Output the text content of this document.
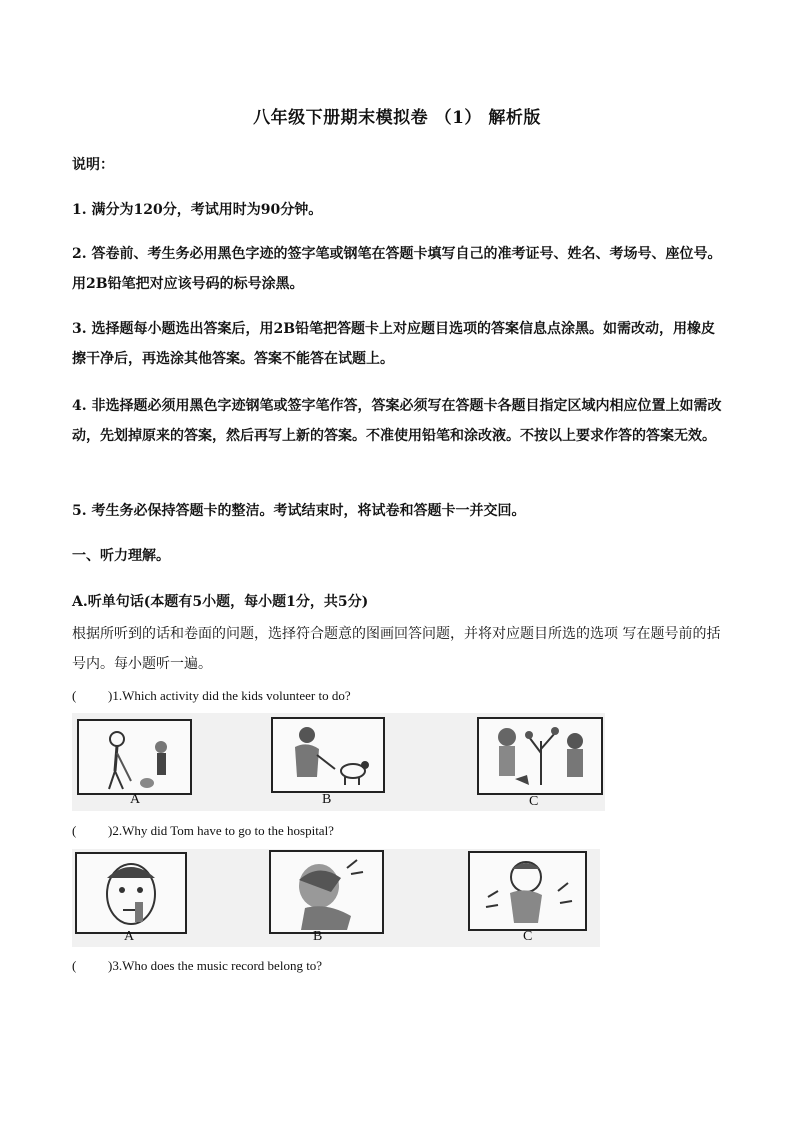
八年级下册期末模拟卷 （1） 解析版
说明：
1. 满分为120分，考试用时为90分钟。
2. 答卷前、考生务必用黑色字迹的签字笔或钢笔在答题卡填写自己的准考证号、姓名、考场号、座位号。用2B铅笔把对应该号码的标号涂黑。
3. 选择题每小题选出答案后，用2B铅笔把答题卡上对应题目选项的答案信息点涂黑。如需改动，用橡皮擦干净后，再选涂其他答案。答案不能答在试题上。
4. 非选择题必须用黑色字迹钢笔或签字笔作答，答案必须写在答题卡各题目指定区域内相应位置上如需改动，先划掉原来的答案，然后再写上新的答案。不准使用铅笔和涂改液。不按以上要求作答的答案无效。
5. 考生务必保持答题卡的整洁。考试结束时，将试卷和答题卡一并交回。
一、听力理解。
A.听单句话(本题有5小题，每小题1分，共5分)
根据所听到的话和卷面的问题，选择符合题意的图画回答问题，并将对应题目所选的选项 写在题号前的括号内。每小题听一遍。
( )1.Which activity did the kids volunteer to do?
A	B	C
( )2.Why did Tom have to go to the hospital?
A	B	C
( )3.Who does the music record belong to?
